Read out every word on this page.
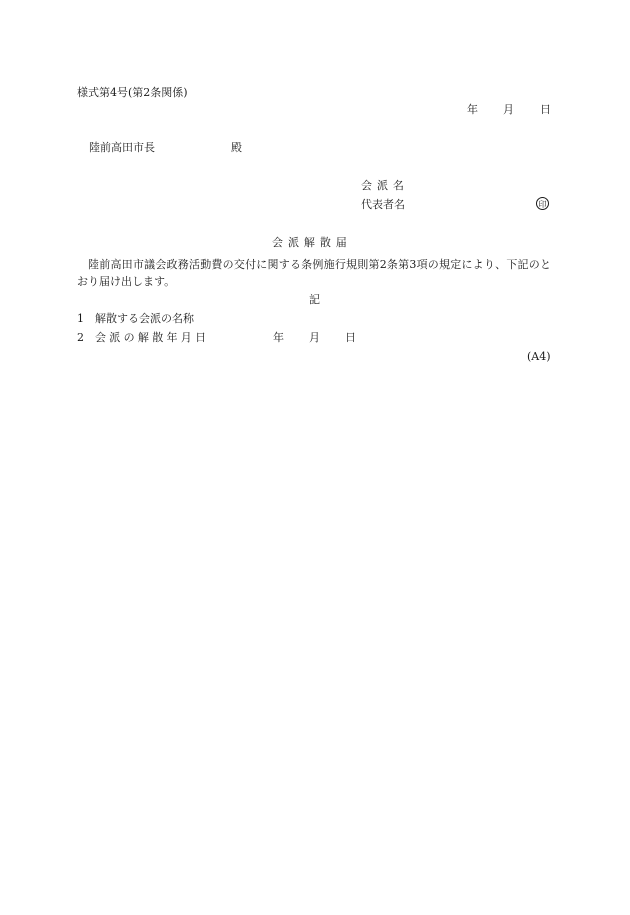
様式第4号(第2条関係)

年 月 日

陸前高田市長	殿

会派名

代表者名	印

会派解散届

陸前高田市議会政務活動費の交付に関する条例施行規則第2条第3項の規定により、下記のとおり届け出します。

記

1 解散する会派の名称

2 会派の解散年月日	年 月 日

(A4)
